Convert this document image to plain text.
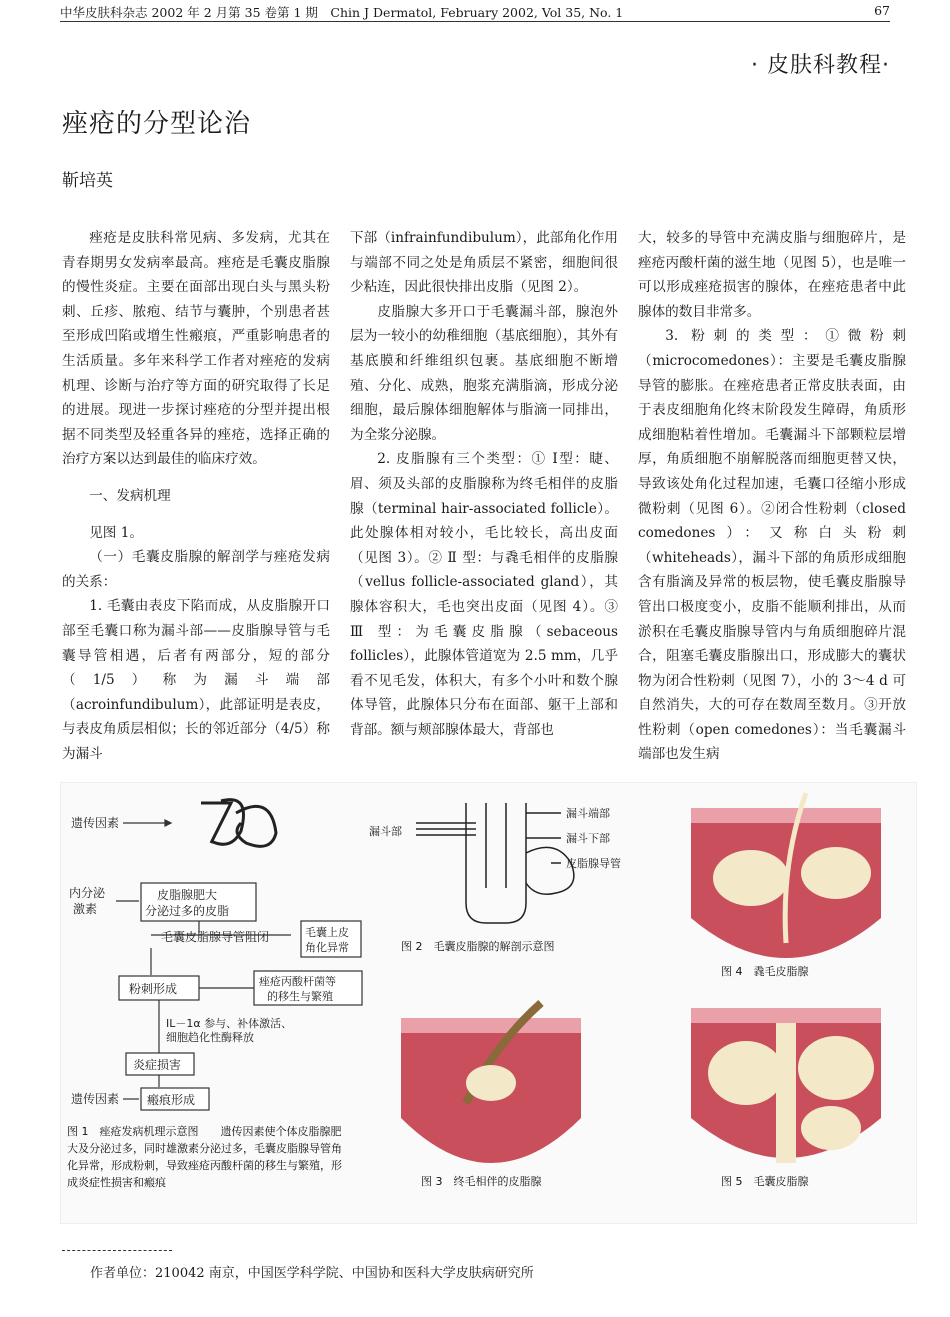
中华皮肤科杂志 2002 年 2 月第 35 卷第 1 期　Chin J Dermatol, February 2002, Vol 35, No. 1	67
· 皮肤科教程·
痤疮的分型论治
靳培英

痤疮是皮肤科常见病、多发病，尤其在青春期男女发病率最高。痤疮是毛囊皮脂腺的慢性炎症。主要在面部出现白头与黑头粉刺、丘疹、脓疱、结节与囊肿，个别患者甚至形成凹陷或增生性瘢痕，严重影响患者的生活质量。多年来科学工作者对痤疮的发病机理、诊断与治疗等方面的研究取得了长足的进展。现进一步探讨痤疮的分型并提出根据不同类型及轻重各异的痤疮，选择正确的治疗方案以达到最佳的临床疗效。

一、发病机理

见图 1。

（一）毛囊皮脂腺的解剖学与痤疮发病的关系：

1. 毛囊由表皮下陷而成，从皮脂腺开口部至毛囊口称为漏斗部——皮脂腺导管与毛囊导管相遇，后者有两部分，短的部分（1/5）称为漏斗端部（acroinfundibulum），此部证明是表皮，与表皮角质层相似；长的邻近部分（4/5）称为漏斗

下部（infrainfundibulum），此部角化作用与端部不同之处是角质层不紧密，细胞间很少粘连，因此很快排出皮脂（见图 2）。

皮脂腺大多开口于毛囊漏斗部，腺泡外层为一较小的幼稚细胞（基底细胞），其外有基底膜和纤维组织包裹。基底细胞不断增殖、分化、成熟，胞浆充满脂滴，形成分泌细胞，最后腺体细胞解体与脂滴一同排出，为全浆分泌腺。

2. 皮脂腺有三个类型：① Ⅰ型：睫、眉、须及头部的皮脂腺称为终毛相伴的皮脂腺（terminal hair-associated follicle）。此处腺体相对较小，毛比较长，高出皮面（见图 3）。② Ⅱ 型：与毳毛相伴的皮脂腺（vellus follicle-associated gland），其腺体容积大，毛也突出皮面（见图 4）。③ Ⅲ 型：为毛囊皮脂腺（sebaceous follicles），此腺体管道宽为 2.5 mm，几乎看不见毛发，体积大，有多个小叶和数个腺体导管，此腺体只分布在面部、躯干上部和背部。额与颊部腺体最大，背部也

大，较多的导管中充满皮脂与细胞碎片，是痤疮丙酸杆菌的滋生地（见图 5），也是唯一可以形成痤疮损害的腺体，在痤疮患者中此腺体的数目非常多。

3. 粉刺的类型：①微粉刺（microcomedones）：主要是毛囊皮脂腺导管的膨胀。在痤疮患者正常皮肤表面，由于表皮细胞角化终末阶段发生障碍，角质形成细胞粘着性增加。毛囊漏斗下部颗粒层增厚，角质细胞不崩解脱落而细胞更替又快，导致该处角化过程加速，毛囊口径缩小形成微粉刺（见图 6）。②闭合性粉刺（closed comedones）：又称白头粉刺（whiteheads），漏斗下部的角质形成细胞含有脂滴及异常的板层物，使毛囊皮脂腺导管出口极度变小，皮脂不能顺利排出，从而淤积在毛囊皮脂腺导管内与角质细胞碎片混合，阻塞毛囊皮脂腺出口，形成膨大的囊状物为闭合性粉刺（见图 7），小的 3～4 d 可自然消失，大的可存在数周至数月。③开放性粉刺（open comedones）：当毛囊漏斗端部也发生病

遗传因素
内分泌
激素
皮脂腺肥大
分泌过多的皮脂
毛囊皮脂腺导管阻闭	毛囊上皮
角化异常
粉刺形成
痤疮丙酸杆菌等
的移生与繁殖
IL－1α 参与、补体激活、
细胞趋化性酶释放
炎症损害
遗传因素 瘢痕形成
图 1　痤疮发病机理示意图　　遗传因素使个体皮脂腺肥大及分泌过多，同时雄激素分泌过多，毛囊皮脂腺导管角化异常，形成粉刺，导致痤疮丙酸杆菌的移生与繁殖，形成炎症性损害和瘢痕
漏斗部
漏斗端部
漏斗下部
皮脂腺导管
图 2　毛囊皮脂腺的解剖示意图
图 3　终毛相伴的皮脂腺
图 4　毳毛皮脂腺
图 5　毛囊皮脂腺
作者单位：210042 南京，中国医学科学院、中国协和医科大学皮肤病研究所
